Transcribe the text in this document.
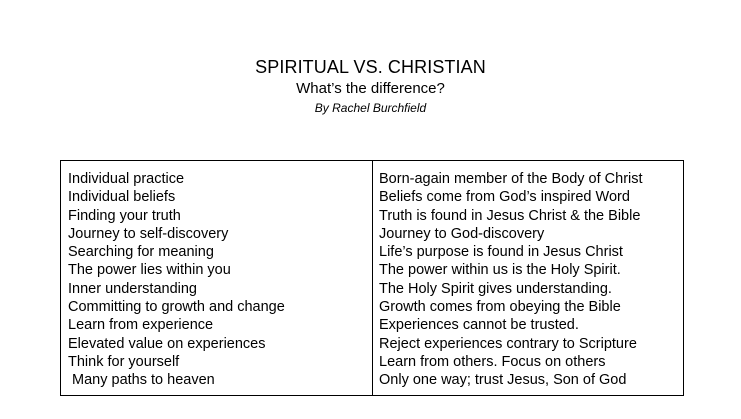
SPIRITUAL VS. CHRISTIAN
What’s the difference?
By Rachel Burchfield
Individual practice
Individual beliefs
Finding your truth
Journey to self-discovery
Searching for meaning
The power lies within you
Inner understanding
Committing to growth and change
Learn from experience
Elevated value on experiences
Think for yourself
Many paths to heaven
Born-again member of the Body of Christ
Beliefs come from God’s inspired Word
Truth is found in Jesus Christ & the Bible
Journey to God-discovery
Life’s purpose is found in Jesus Christ
The power within us is the Holy Spirit.
The Holy Spirit gives understanding.
Growth comes from obeying the Bible
Experiences cannot be trusted.
Reject experiences contrary to Scripture
Learn from others. Focus on others
Only one way; trust Jesus, Son of God
